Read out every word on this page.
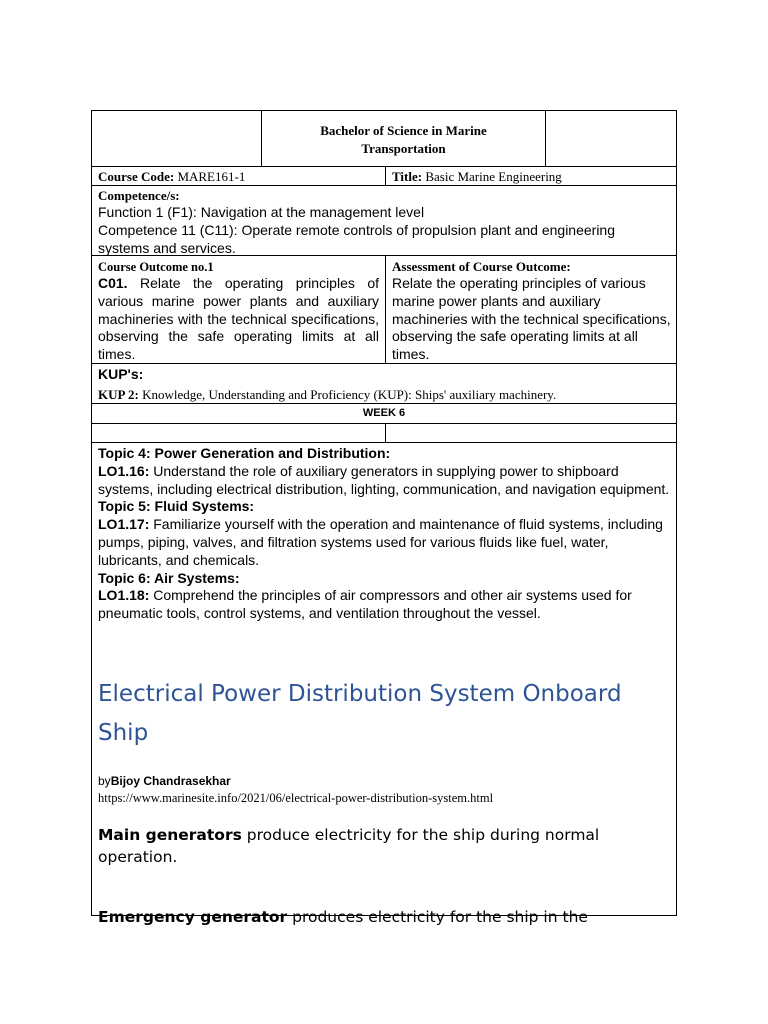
Bachelor of Science in Marine
Transportation
Course Code: MARE161-1	Title: Basic Marine Engineering
Competence/s:
Function 1 (F1): Navigation at the management level
Competence 11 (C11): Operate remote controls of propulsion plant and engineering systems and services.
Course Outcome no.1
C01. Relate the operating principles of various marine power plants and auxiliary machineries with the technical specifications, observing the safe operating limits at all times.
Assessment of Course Outcome:
Relate the operating principles of various marine power plants and auxiliary machineries with the technical specifications, observing the safe operating limits at all times.
KUP's:
KUP 2: Knowledge, Understanding and Proficiency (KUP): Ships' auxiliary machinery.
WEEK 6
Topic 4: Power Generation and Distribution:
LO1.16: Understand the role of auxiliary generators in supplying power to shipboard systems, including electrical distribution, lighting, communication, and navigation equipment.
Topic 5: Fluid Systems:
LO1.17: Familiarize yourself with the operation and maintenance of fluid systems, including pumps, piping, valves, and filtration systems used for various fluids like fuel, water, lubricants, and chemicals.
Topic 6: Air Systems:
LO1.18: Comprehend the principles of air compressors and other air systems used for pneumatic tools, control systems, and ventilation throughout the vessel.
Electrical Power Distribution System Onboard Ship
byBijoy Chandrasekhar
https://www.marinesite.info/2021/06/electrical-power-distribution-system.html
Main generators produce electricity for the ship during normal operation.
Emergency generator produces electricity for the ship in the
